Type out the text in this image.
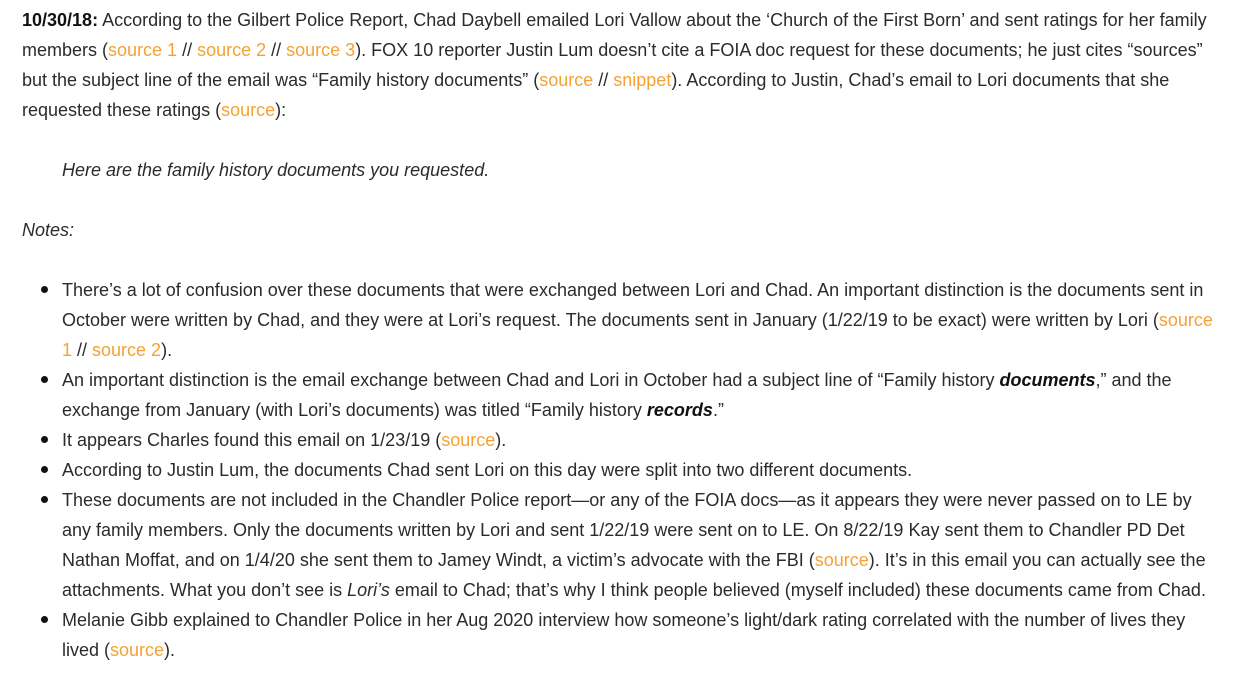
10/30/18: According to the Gilbert Police Report, Chad Daybell emailed Lori Vallow about the ‘Church of the First Born’ and sent ratings for her family members (source 1 // source 2 // source 3). FOX 10 reporter Justin Lum doesn’t cite a FOIA doc request for these documents; he just cites “sources” but the subject line of the email was “Family history documents” (source // snippet). According to Justin, Chad’s email to Lori documents that she requested these ratings (source):

Here are the family history documents you requested.

Notes:

There’s a lot of confusion over these documents that were exchanged between Lori and Chad. An important distinction is the documents sent in October were written by Chad, and they were at Lori’s request. The documents sent in January (1/22/19 to be exact) were written by Lori (source 1 // source 2).
An important distinction is the email exchange between Chad and Lori in October had a subject line of “Family history documents,” and the exchange from January (with Lori’s documents) was titled “Family history records.”
It appears Charles found this email on 1/23/19 (source).
According to Justin Lum, the documents Chad sent Lori on this day were split into two different documents.
These documents are not included in the Chandler Police report—or any of the FOIA docs—as it appears they were never passed on to LE by any family members. Only the documents written by Lori and sent 1/22/19 were sent on to LE. On 8/22/19 Kay sent them to Chandler PD Det Nathan Moffat, and on 1/4/20 she sent them to Jamey Windt, a victim’s advocate with the FBI (source). It’s in this email you can actually see the attachments. What you don’t see is Lori’s email to Chad; that’s why I think people believed (myself included) these documents came from Chad.
Melanie Gibb explained to Chandler Police in her Aug 2020 interview how someone’s light/dark rating correlated with the number of lives they lived (source).
